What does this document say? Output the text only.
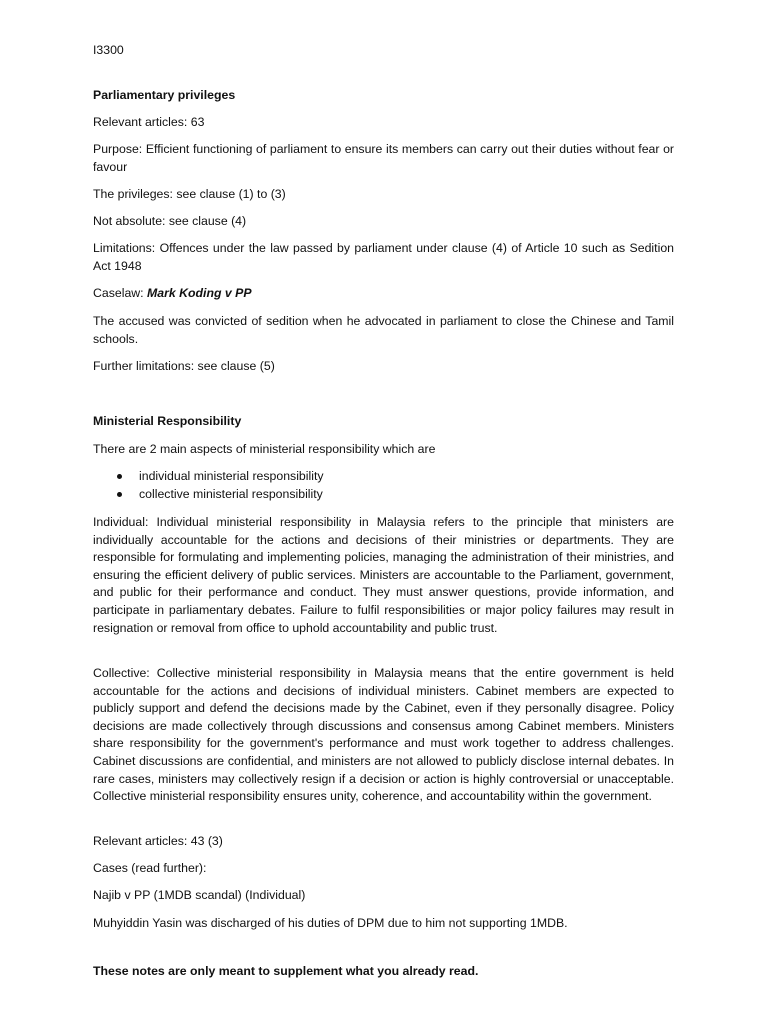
I3300

Parliamentary privileges

Relevant articles: 63

Purpose: Efficient functioning of parliament to ensure its members can carry out their duties without fear or favour

The privileges: see clause (1) to (3)

Not absolute: see clause (4)

Limitations: Offences under the law passed by parliament under clause (4) of Article 10 such as Sedition Act 1948

Caselaw: Mark Koding v PP

The accused was convicted of sedition when he advocated in parliament to close the Chinese and Tamil schools.

Further limitations: see clause (5)

Ministerial Responsibility

There are 2 main aspects of ministerial responsibility which are

individual ministerial responsibility
collective ministerial responsibility

Individual: Individual ministerial responsibility in Malaysia refers to the principle that ministers are individually accountable for the actions and decisions of their ministries or departments. They are responsible for formulating and implementing policies, managing the administration of their ministries, and ensuring the efficient delivery of public services. Ministers are accountable to the Parliament, government, and public for their performance and conduct. They must answer questions, provide information, and participate in parliamentary debates. Failure to fulfil responsibilities or major policy failures may result in resignation or removal from office to uphold accountability and public trust.

Collective: Collective ministerial responsibility in Malaysia means that the entire government is held accountable for the actions and decisions of individual ministers. Cabinet members are expected to publicly support and defend the decisions made by the Cabinet, even if they personally disagree. Policy decisions are made collectively through discussions and consensus among Cabinet members. Ministers share responsibility for the government's performance and must work together to address challenges. Cabinet discussions are confidential, and ministers are not allowed to publicly disclose internal debates. In rare cases, ministers may collectively resign if a decision or action is highly controversial or unacceptable. Collective ministerial responsibility ensures unity, coherence, and accountability within the government.

Relevant articles: 43 (3)

Cases (read further):

Najib v PP (1MDB scandal) (Individual)

Muhyiddin Yasin was discharged of his duties of DPM due to him not supporting 1MDB.

These notes are only meant to supplement what you already read.
